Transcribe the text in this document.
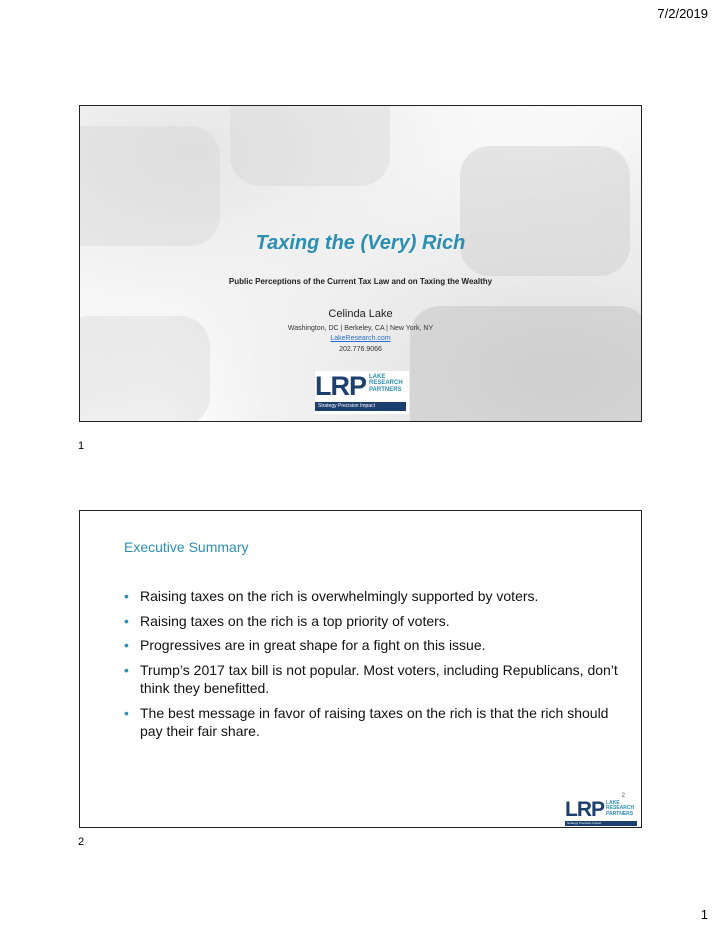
7/2/2019
Taxing the (Very) Rich
Public Perceptions of the Current Tax Law and on Taxing the Wealthy
Celinda Lake
Washington, DC | Berkeley, CA | New York, NY
LakeResearch.com
202.776.9066
LRP LAKE
RESEARCH
PARTNERS
Strategy Precision Impact
1
Executive Summary
• Raising taxes on the rich is overwhelmingly supported by voters.
• Raising taxes on the rich is a top priority of voters.
• Progressives are in great shape for a fight on this issue.
• Trump’s 2017 tax bill is not popular. Most voters, including Republicans, don’t think they benefitted.
• The best message in favor of raising taxes on the rich is that the rich should pay their fair share.
2
LRP LAKE
RESEARCH
PARTNERS
Strategy Precision Impact
2
1
